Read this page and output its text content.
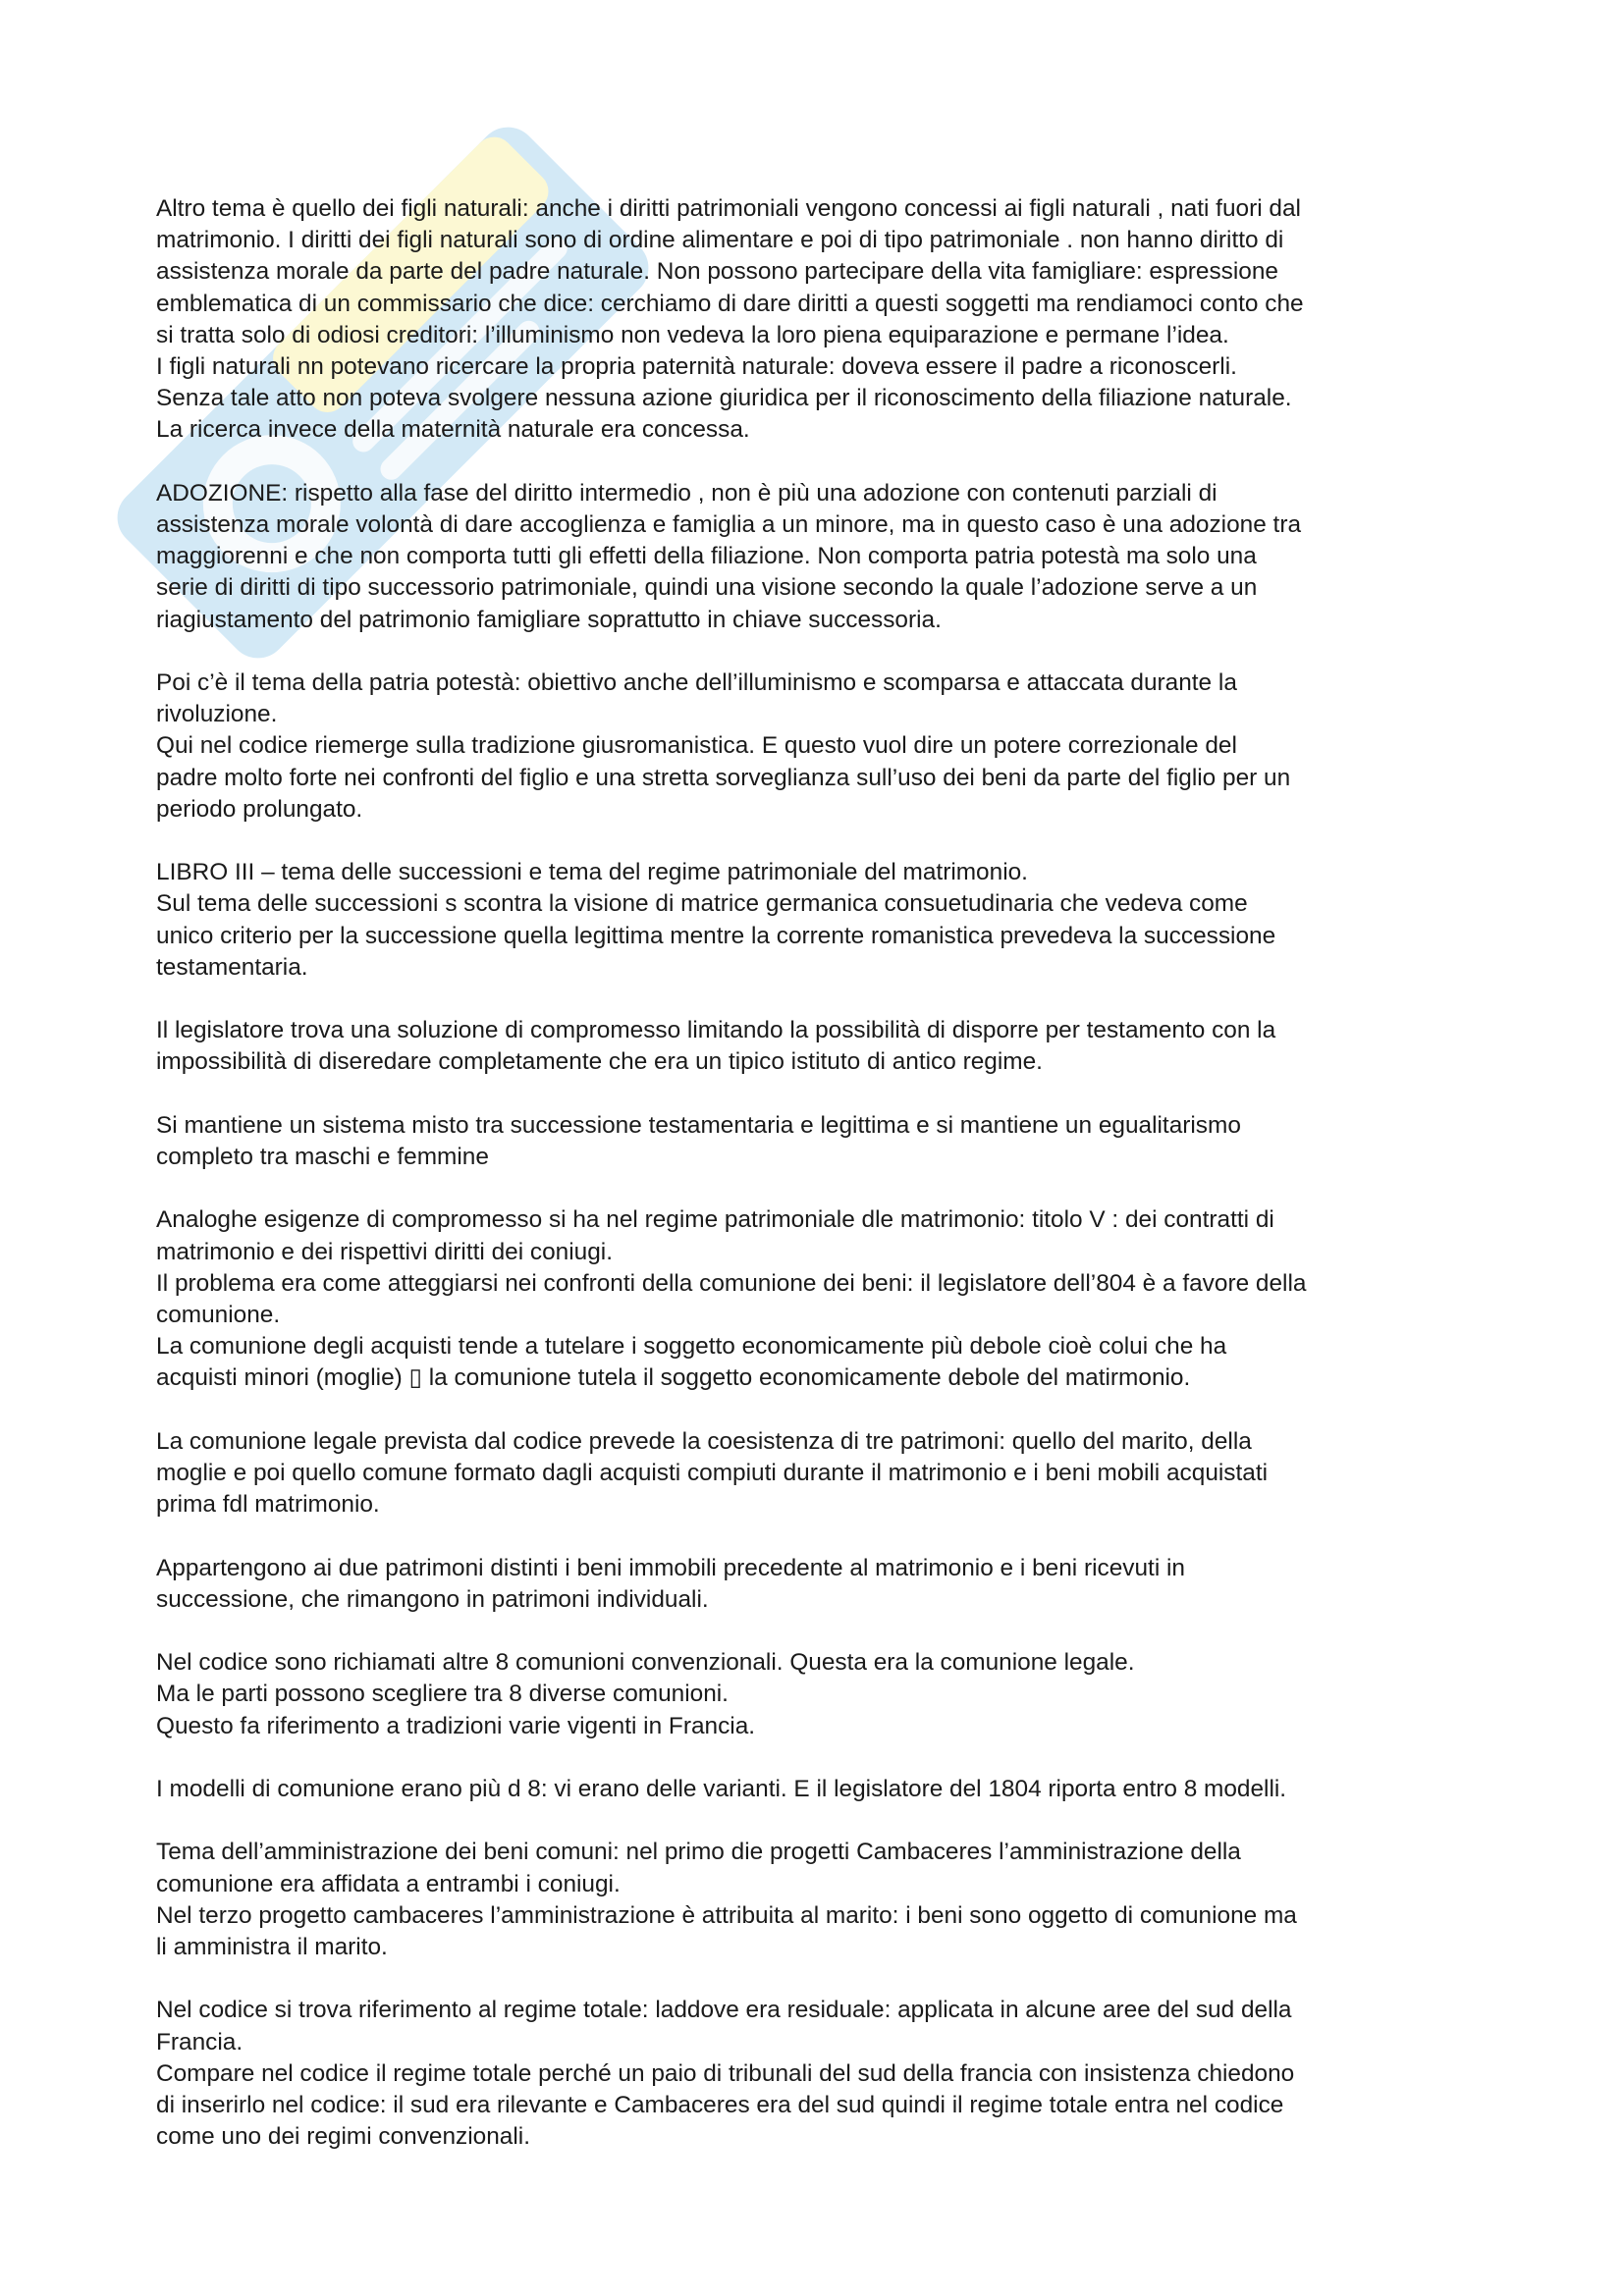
Altro tema è quello dei figli naturali: anche i diritti patrimoniali vengono concessi ai figli naturali , nati fuori dal
matrimonio. I diritti dei figli naturali sono di ordine alimentare e poi di tipo patrimoniale . non hanno diritto di
assistenza morale da parte del padre naturale. Non possono partecipare della vita famigliare: espressione
emblematica di un commissario che dice: cerchiamo di dare diritti a questi soggetti ma rendiamoci conto che
si tratta solo di odiosi creditori: l’illuminismo non vedeva la loro piena equiparazione e permane l’idea.
I figli naturali nn potevano ricercare la propria paternità naturale: doveva essere il padre a riconoscerli.
Senza tale atto non poteva svolgere nessuna azione giuridica per il riconoscimento della filiazione naturale.
La ricerca invece della maternità naturale era concessa.
ADOZIONE: rispetto alla fase del diritto intermedio , non è più una adozione con contenuti parziali di
assistenza morale volontà di dare accoglienza e famiglia a un minore, ma in questo caso è una adozione tra
maggiorenni e che non comporta tutti gli effetti della filiazione. Non comporta patria potestà ma solo una
serie di diritti di tipo successorio patrimoniale, quindi una visione secondo la quale l’adozione serve a un
riagiustamento del patrimonio famigliare soprattutto in chiave successoria.
Poi c’è il tema della patria potestà: obiettivo anche dell’illuminismo e scomparsa e attaccata durante la
rivoluzione.
Qui nel codice riemerge sulla tradizione giusromanistica. E questo vuol dire un potere correzionale del
padre molto forte nei confronti del figlio e una stretta sorveglianza sull’uso dei beni da parte del figlio per un
periodo prolungato.
LIBRO III – tema delle successioni e tema del regime patrimoniale del matrimonio.
Sul tema delle successioni s scontra la visione di matrice germanica consuetudinaria che vedeva come
unico criterio per la successione quella legittima mentre la corrente romanistica prevedeva la successione
testamentaria.
Il legislatore trova una soluzione di compromesso limitando la possibilità di disporre per testamento con la
impossibilità di diseredare completamente che era un tipico istituto di antico regime.
Si mantiene un sistema misto tra successione testamentaria e legittima e si mantiene un egualitarismo
completo tra maschi e femmine
Analoghe esigenze di compromesso si ha nel regime patrimoniale dle matrimonio: titolo V : dei contratti di
matrimonio e dei rispettivi diritti dei coniugi.
Il problema era come atteggiarsi nei confronti della comunione dei beni: il legislatore dell’804 è a favore della
comunione.
La comunione degli acquisti tende a tutelare i soggetto economicamente più debole cioè colui che ha
acquisti minori (moglie) ▯ la comunione tutela il soggetto economicamente debole del matirmonio.
La comunione legale prevista dal codice prevede la coesistenza di tre patrimoni: quello del marito, della
moglie e poi quello comune formato dagli acquisti compiuti durante il matrimonio e i beni mobili acquistati
prima fdl matrimonio.
Appartengono ai due patrimoni distinti i beni immobili precedente al matrimonio e i beni ricevuti in
successione, che rimangono in patrimoni individuali.
Nel codice sono richiamati altre 8 comunioni convenzionali. Questa era la comunione legale.
Ma le parti possono scegliere tra 8 diverse comunioni.
Questo fa riferimento a tradizioni varie vigenti in Francia.
I modelli di comunione erano più d 8: vi erano delle varianti. E il legislatore del 1804 riporta entro 8 modelli.
Tema dell’amministrazione dei beni comuni: nel primo die progetti Cambaceres l’amministrazione della
comunione era affidata a entrambi i coniugi.
Nel terzo progetto cambaceres l’amministrazione è attribuita al marito: i beni sono oggetto di comunione ma
li amministra il marito.
Nel codice si trova riferimento al regime totale: laddove era residuale: applicata in alcune aree del sud della
Francia.
Compare nel codice il regime totale perché un paio di tribunali del sud della francia con insistenza chiedono
di inserirlo nel codice: il sud era rilevante e Cambaceres era del sud quindi il regime totale entra nel codice
come uno dei regimi convenzionali.
